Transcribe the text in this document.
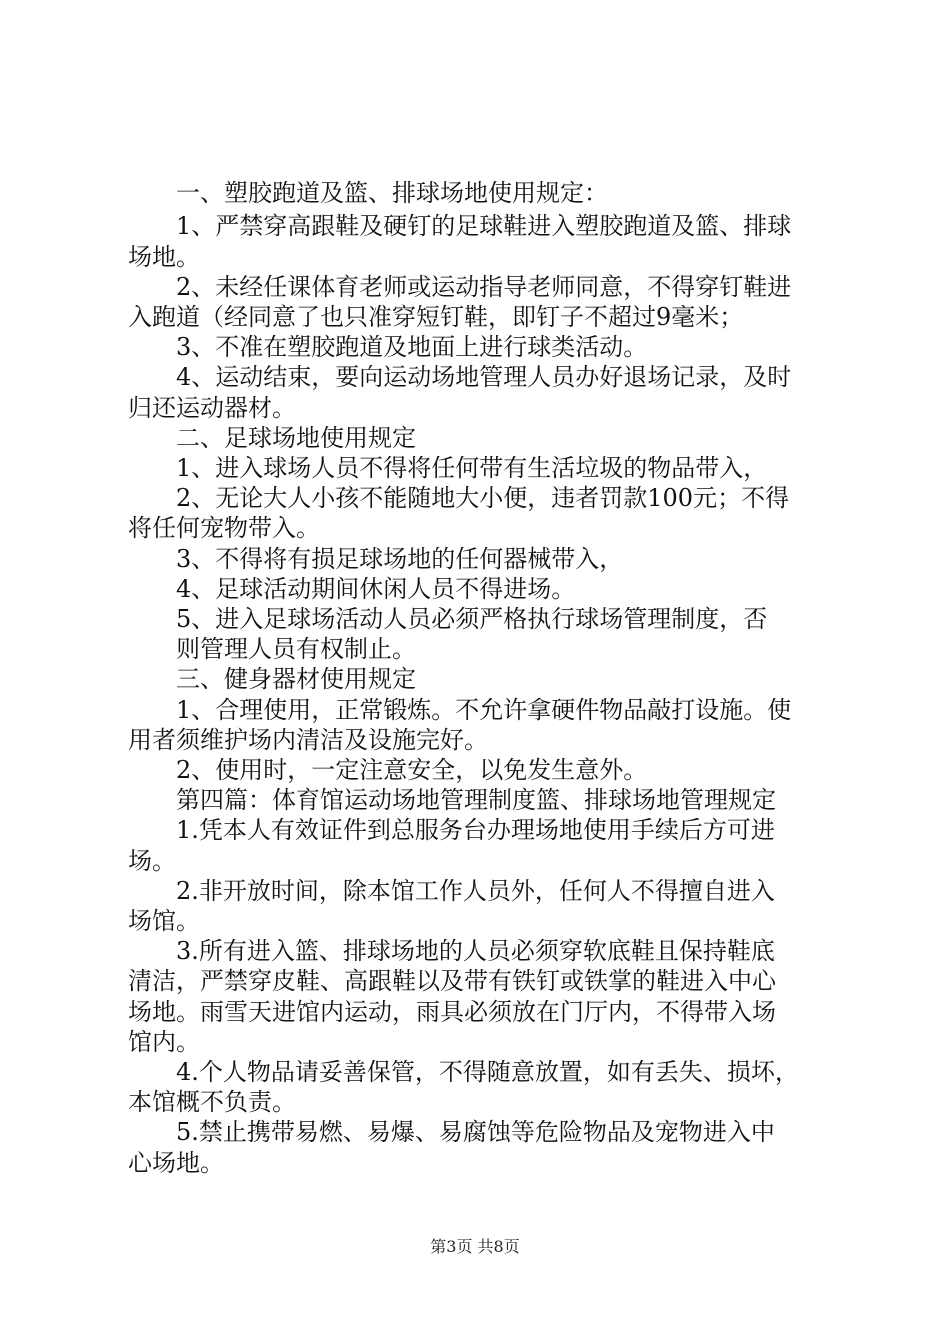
一、塑胶跑道及篮、排球场地使用规定：
1、严禁穿高跟鞋及硬钉的足球鞋进入塑胶跑道及篮、排球
场地。
2、未经任课体育老师或运动指导老师同意，不得穿钉鞋进
入跑道（经同意了也只准穿短钉鞋，即钉子不超过9毫米；
3、不准在塑胶跑道及地面上进行球类活动。
4、运动结束，要向运动场地管理人员办好退场记录，及时
归还运动器材。
二、足球场地使用规定
1、进入球场人员不得将任何带有生活垃圾的物品带入，
2、无论大人小孩不能随地大小便，违者罚款100元；不得
将任何宠物带入。
3、不得将有损足球场地的任何器械带入，
4、足球活动期间休闲人员不得进场。
5、进入足球场活动人员必须严格执行球场管理制度，否
则管理人员有权制止。
三、健身器材使用规定
1、合理使用，正常锻炼。不允许拿硬件物品敲打设施。使
用者须维护场内清洁及设施完好。
2、使用时，一定注意安全，以免发生意外。
第四篇：体育馆运动场地管理制度篮、排球场地管理规定
1.凭本人有效证件到总服务台办理场地使用手续后方可进
场。
2.非开放时间，除本馆工作人员外，任何人不得擅自进入
场馆。
3.所有进入篮、排球场地的人员必须穿软底鞋且保持鞋底
清洁，严禁穿皮鞋、高跟鞋以及带有铁钉或铁掌的鞋进入中心
场地。雨雪天进馆内运动，雨具必须放在门厅内，不得带入场
馆内。
4.个人物品请妥善保管，不得随意放置，如有丢失、损坏，
本馆概不负责。
5.禁止携带易燃、易爆、易腐蚀等危险物品及宠物进入中
心场地。
第3页 共8页
